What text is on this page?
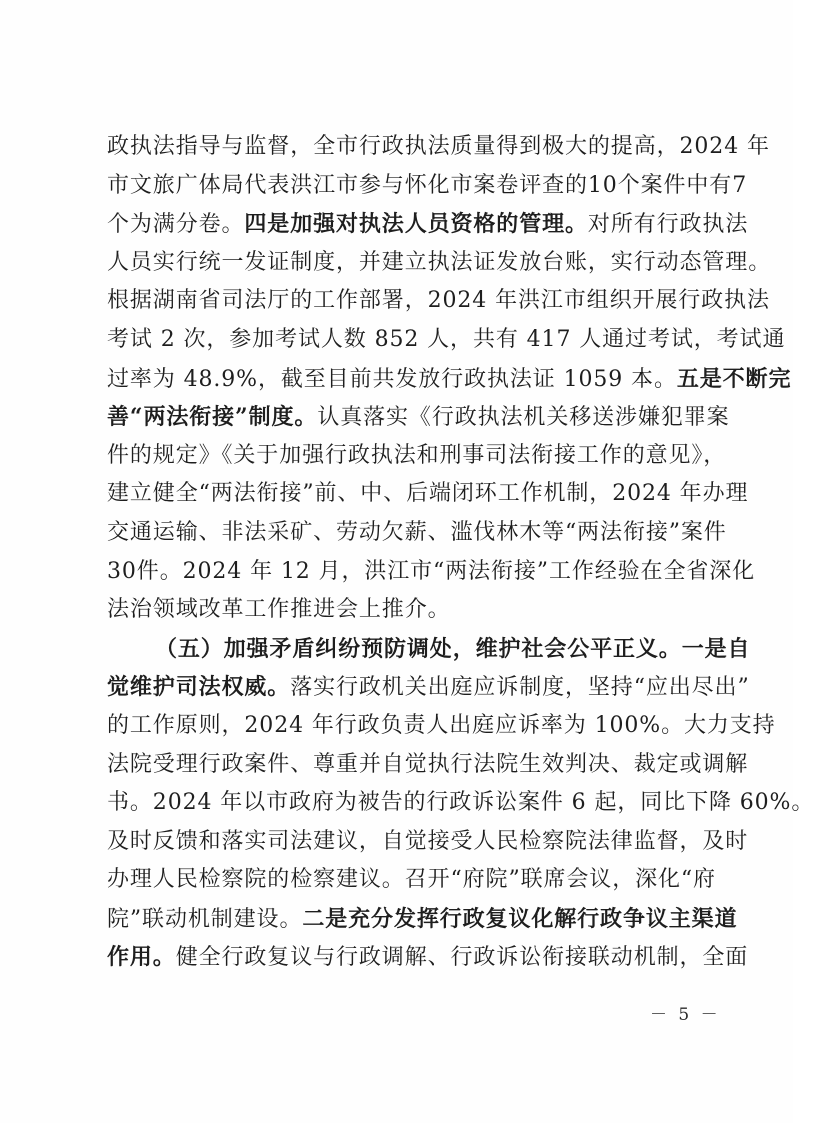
政执法指导与监督，全市行政执法质量得到极大的提高，2024 年
市文旅广体局代表洪江市参与怀化市案卷评查的10个案件中有7
个为满分卷。四是加强对执法人员资格的管理。对所有行政执法
人员实行统一发证制度，并建立执法证发放台账，实行动态管理。
根据湖南省司法厅的工作部署，2024 年洪江市组织开展行政执法
考试 2 次，参加考试人数 852 人，共有 417 人通过考试，考试通
过率为 48.9%，截至目前共发放行政执法证 1059 本。五是不断完
善“两法衔接”制度。认真落实《行政执法机关移送涉嫌犯罪案
件的规定》《关于加强行政执法和刑事司法衔接工作的意见》，
建立健全“两法衔接”前、中、后端闭环工作机制，2024 年办理
交通运输、非法采矿、劳动欠薪、滥伐林木等“两法衔接”案件
30件。2024 年 12 月，洪江市“两法衔接”工作经验在全省深化
法治领域改革工作推进会上推介。
（五）加强矛盾纠纷预防调处，维护社会公平正义。一是自
觉维护司法权威。落实行政机关出庭应诉制度，坚持“应出尽出”
的工作原则，2024 年行政负责人出庭应诉率为 100%。大力支持
法院受理行政案件、尊重并自觉执行法院生效判决、裁定或调解
书。2024 年以市政府为被告的行政诉讼案件 6 起，同比下降 60%。
及时反馈和落实司法建议，自觉接受人民检察院法律监督，及时
办理人民检察院的检察建议。召开“府院”联席会议，深化“府
院”联动机制建设。二是充分发挥行政复议化解行政争议主渠道
作用。健全行政复议与行政调解、行政诉讼衔接联动机制，全面
－ 5 －
